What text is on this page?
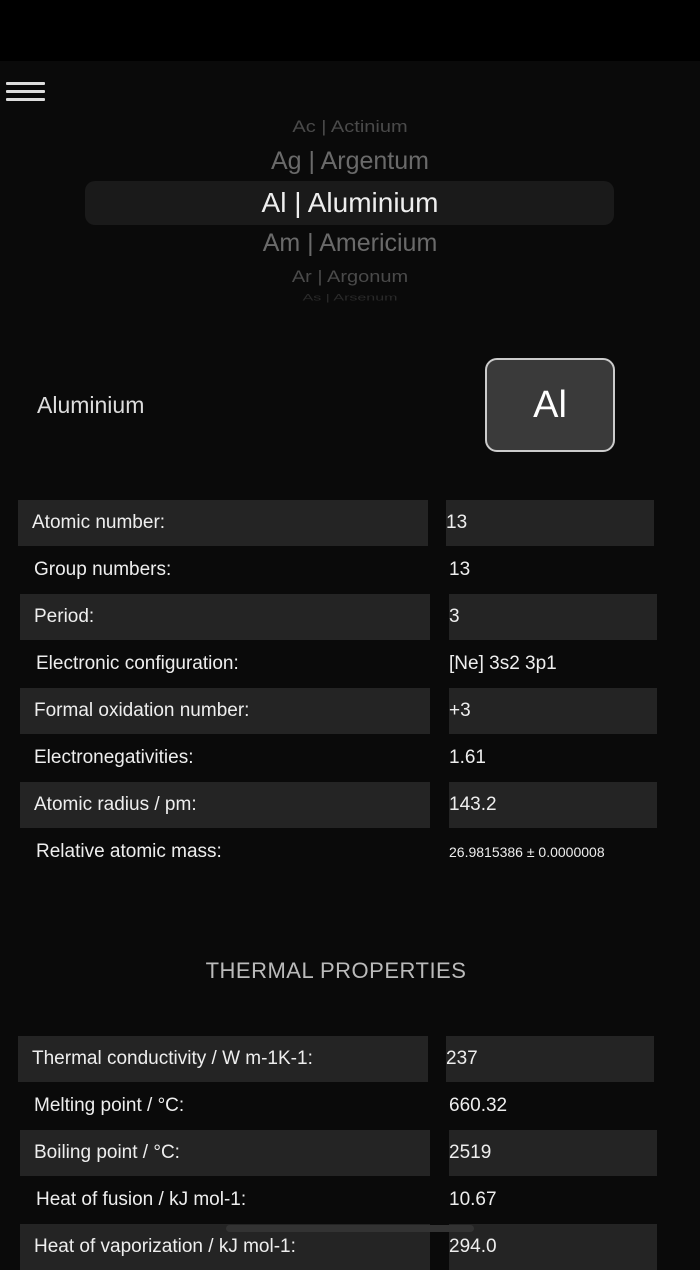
Ac | Actinium
Ag | Argentum
Al | Aluminium
Am | Americium
Ar | Argonum
As | Arsenum
Aluminium	Al
Atomic number:	13
Group numbers:	13
Period:	3
Electronic configuration:	[Ne] 3s2 3p1
Formal oxidation number:	+3
Electronegativities:	1.61
Atomic radius / pm:	143.2
Relative atomic mass:	26.9815386 ± 0.0000008
THERMAL PROPERTIES
Thermal conductivity / W m-1K-1:	237
Melting point / °C:	660.32
Boiling point / °C:	2519
Heat of fusion / kJ mol-1:	10.67
Heat of vaporization / kJ mol-1:	294.0
